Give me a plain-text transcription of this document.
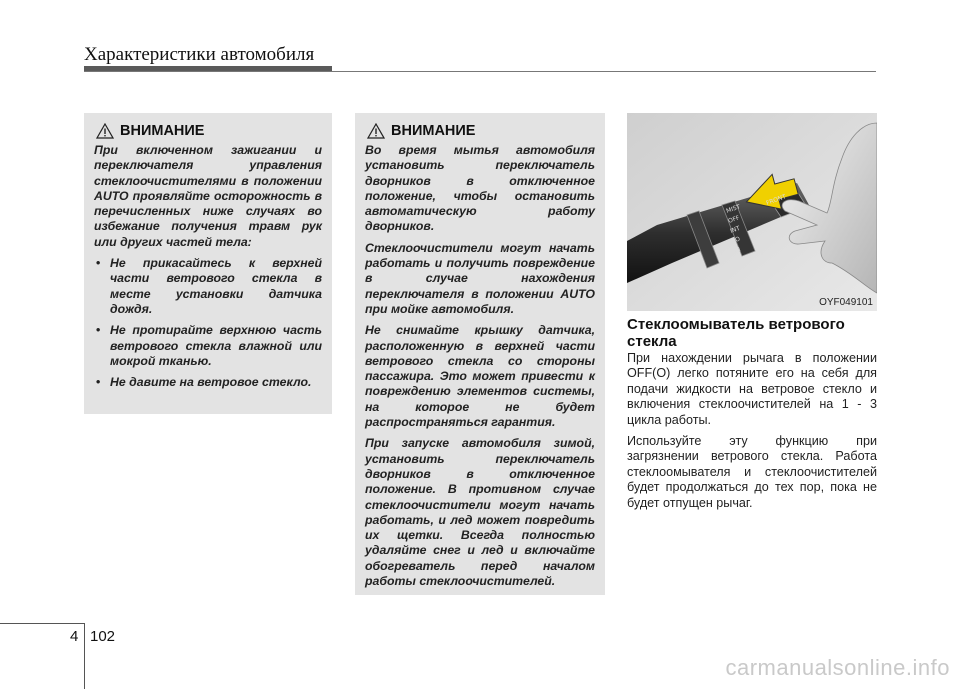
Характеристики автомобиля
ВНИМАНИЕ

При включенном зажигании и переключателя управления стеклоочистителями в положении AUTO проявляйте осторожность в перечисленных ниже случаях во избежание получения травм рук или других частей тела:

• Не прикасайтесь к верхней части ветрового стекла в месте установки датчика дождя.
• Не протирайте верхнюю часть ветрового стекла влажной или мокрой тканью.
• Не давите на ветровое стекло.
ВНИМАНИЕ

Во время мытья автомобиля установить переключатель дворников в отключенное положение, чтобы остановить автоматическую работу дворников.

Стеклоочистители могут начать работать и получить повреждение в случае нахождения переключателя в положении AUTO при мойке автомобиля.

Не снимайте крышку датчика, расположенную в верхней части ветрового стекла со стороны пассажира. Это может привести к повреждению элементов системы, на которое не будет распространяться гарантия.

При запуске автомобиля зимой, установить переключатель дворников в отключенное положение. В противном случае стеклоочистители могут начать работать, и лед может повредить их щетки. Всегда полностью удаляйте снег и лед и включайте обогреватель перед началом работы стеклоочистителей.

MIST
OFF
INT
LO
HI
FRONT
OYF049101
Стеклоомыватель ветрового стекла

При нахождении рычага в положении OFF(O) легко потяните его на себя для подачи жидкости на ветровое стекло и включения стеклоочистителей на 1 - 3 цикла работы.

Используйте эту функцию при загрязнении ветрового стекла. Работа стеклоомывателя и стеклоочистителей будет продолжаться до тех пор, пока не будет отпущен рычаг.

4 102
carmanualsonline.info
